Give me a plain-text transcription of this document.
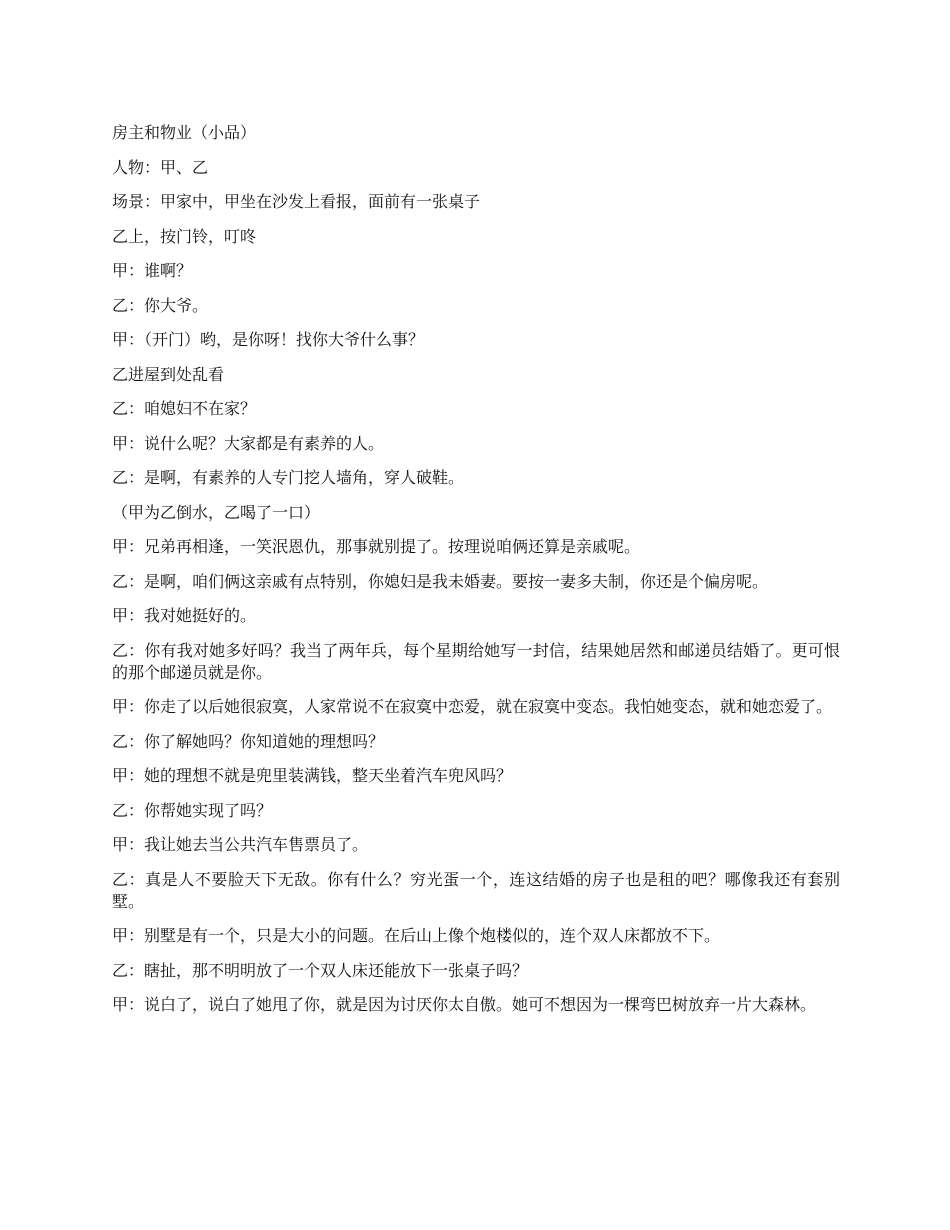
房主和物业（小品）

人物：甲、乙

场景：甲家中，甲坐在沙发上看报，面前有一张桌子

乙上，按门铃，叮咚

甲：谁啊？

乙：你大爷。

甲：（开门）哟，是你呀！找你大爷什么事？

乙进屋到处乱看

乙：咱媳妇不在家？

甲：说什么呢？大家都是有素养的人。

乙：是啊，有素养的人专门挖人墙角，穿人破鞋。

（甲为乙倒水，乙喝了一口）

甲：兄弟再相逢，一笑泯恩仇，那事就别提了。按理说咱俩还算是亲戚呢。

乙：是啊，咱们俩这亲戚有点特别，你媳妇是我未婚妻。要按一妻多夫制，你还是个偏房呢。

甲：我对她挺好的。

乙：你有我对她多好吗？我当了两年兵，每个星期给她写一封信，结果她居然和邮递员结婚了。更可恨的那个邮递员就是你。

甲：你走了以后她很寂寞，人家常说不在寂寞中恋爱，就在寂寞中变态。我怕她变态，就和她恋爱了。

乙：你了解她吗？你知道她的理想吗？

甲：她的理想不就是兜里装满钱，整天坐着汽车兜风吗？

乙：你帮她实现了吗？

甲：我让她去当公共汽车售票员了。

乙：真是人不要脸天下无敌。你有什么？穷光蛋一个，连这结婚的房子也是租的吧？哪像我还有套别墅。

甲：别墅是有一个，只是大小的问题。在后山上像个炮楼似的，连个双人床都放不下。

乙：瞎扯，那不明明放了一个双人床还能放下一张桌子吗？

甲：说白了，说白了她甩了你，就是因为讨厌你太自傲。她可不想因为一棵弯巴树放弃一片大森林。
